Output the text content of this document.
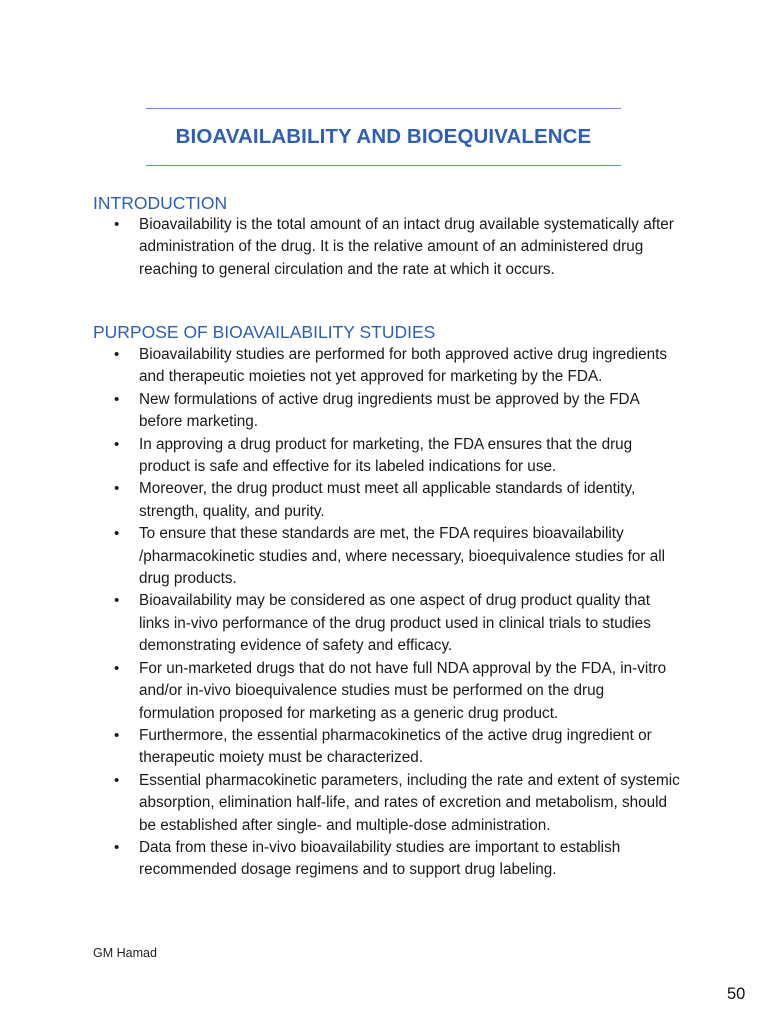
BIOAVAILABILITY AND BIOEQUIVALENCE
INTRODUCTION
• Bioavailability is the total amount of an intact drug available systematically after administration of the drug. It is the relative amount of an administered drug reaching to general circulation and the rate at which it occurs.
PURPOSE OF BIOAVAILABILITY STUDIES
• Bioavailability studies are performed for both approved active drug ingredients and therapeutic moieties not yet approved for marketing by the FDA.
• New formulations of active drug ingredients must be approved by the FDA before marketing.
• In approving a drug product for marketing, the FDA ensures that the drug product is safe and effective for its labeled indications for use.
• Moreover, the drug product must meet all applicable standards of identity, strength, quality, and purity.
• To ensure that these standards are met, the FDA requires bioavailability /pharmacokinetic studies and, where necessary, bioequivalence studies for all drug products.
• Bioavailability may be considered as one aspect of drug product quality that links in-vivo performance of the drug product used in clinical trials to studies demonstrating evidence of safety and efficacy.
• For un-marketed drugs that do not have full NDA approval by the FDA, in-vitro and/or in-vivo bioequivalence studies must be performed on the drug formulation proposed for marketing as a generic drug product.
• Furthermore, the essential pharmacokinetics of the active drug ingredient or therapeutic moiety must be characterized.
• Essential pharmacokinetic parameters, including the rate and extent of systemic absorption, elimination half-life, and rates of excretion and metabolism, should be established after single- and multiple-dose administration.
• Data from these in-vivo bioavailability studies are important to establish recommended dosage regimens and to support drug labeling.
GM Hamad
50
